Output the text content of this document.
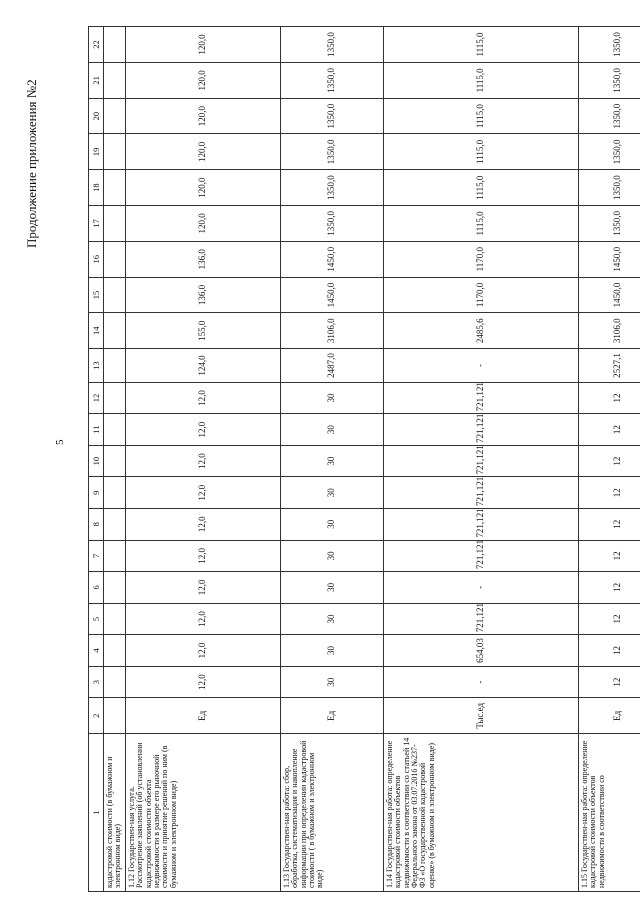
5
Продолжение приложения №2
1	2	3	4	5	6	7	8	9	10	11	12	13	14	15	16	17	18	19	20	21	22
кадастровой стоимости (в бумажном и электронном виде)																					
1.12 Государствен-ная услуга. Рассмотрение заявлений (об установлении кадастровой стоимости объекта недвижимости в размере его рыночной стоимости и принятие решений по ним (в бумажном и электронном виде)	Ед	12,0	12,0	12,0	12,0	12,0	12,0	12,0	12,0	12,0	12,0	124,0	155,0	136,0	136,0	120,0	120,0	120,0	120,0	120,0	120,0
1.13 Государствен-ная работа: сбор, обработка, систематизация и накопление информации при определении кадастровой стоимости ( в бумажном и электронном виде)	Ед	30	30	30	30	30	30	30	30	30	30	2487,0	3106,0	1450,0	1450,0	1350,0	1350,0	1350,0	1350,0	1350,0	1350,0
1.14 Государствен-ная работа: определение кадастровой стоимости объектов недвижимости в соответствии со статьей 14 Федерального закона от 03.07.2016 №237-ФЗ «О государственной кадастровой оценке» (в бумажном и электронном виде)	Тыс.ед	-	654,03	721,121	-	721,121	721,121	721,121	721,121	721,121	721,121	-	2485,6	1170,0	1170,0	1115,0	1115,0	1115,0	1115,0	1115,0	1115,0
1.15 Государствен-ная работа: определение кадастровой стоимости объектов недвижимости в соответствии со	Ед	12	12	12	12	12	12	12	12	12	12	2527,1	3106,0	1450,0	1450,0	1350,0	1350,0	1350,0	1350,0	1350,0	1350,0
